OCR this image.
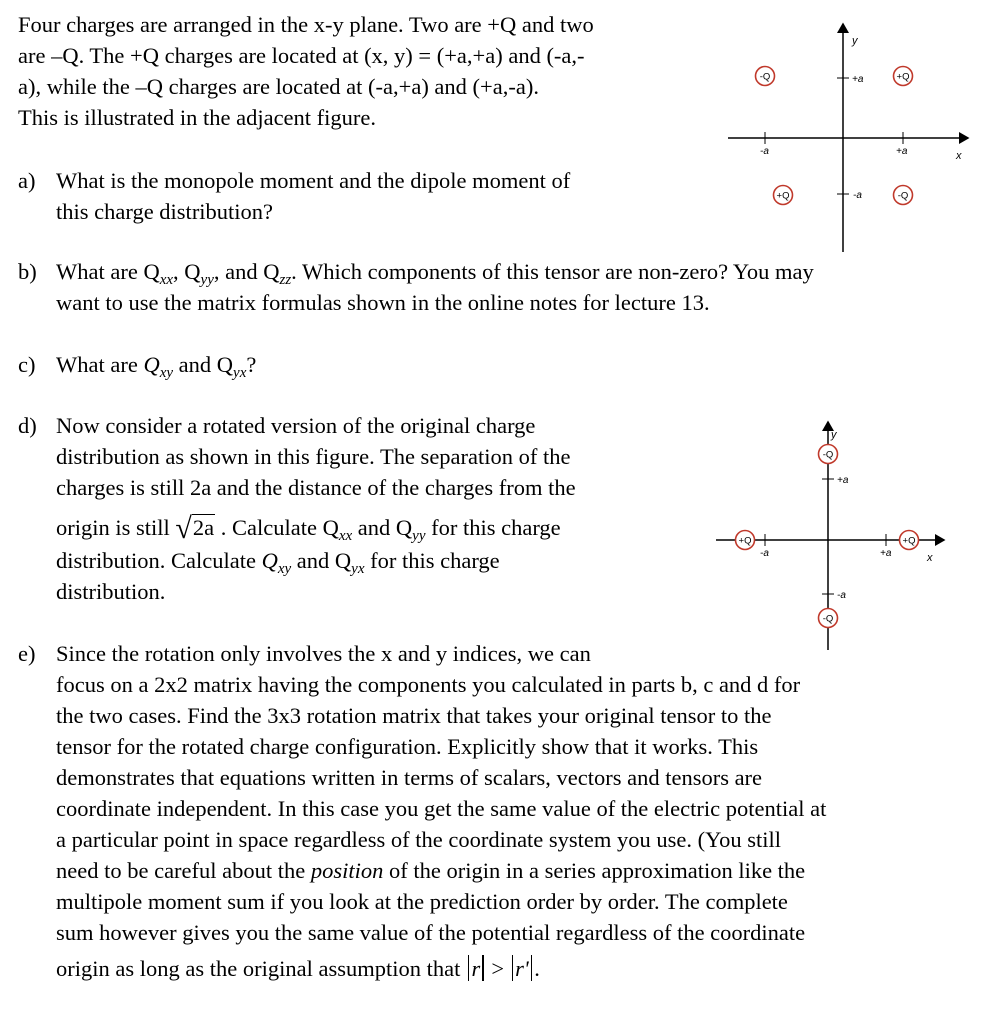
Four charges are arranged in the x-y plane. Two are +Q and two
are –Q. The +Q charges are located at (x, y) = (+a,+a) and (-a,-
a), while the –Q charges are located at (-a,+a) and (+a,-a).
This is illustrated in the adjacent figure.
a) What is the monopole moment and the dipole moment of
this charge distribution?
b) What are $Q_{xx}$, $Q_{yy}$, and $Q_{zz}$. Which components of this tensor are non-zero? You may
want to use the matrix formulas shown in the online notes for lecture 13.
c) What are $Q_{xy}$ and $Q_{yx}$?
d) Now consider a rotated version of the original charge
distribution as shown in this figure. The separation of the
charges is still 2a and the distance of the charges from the
origin is still √2a . Calculate $Q_{xx}$ and $Q_{yy}$ for this charge
distribution. Calculate $Q_{xy}$ and $Q_{yx}$ for this charge
distribution.
e) Since the rotation only involves the x and y indices, we can
focus on a 2x2 matrix having the components you calculated in parts b, c and d for
the two cases. Find the 3x3 rotation matrix that takes your original tensor to the
tensor for the rotated charge configuration. Explicitly show that it works. This
demonstrates that equations written in terms of scalars, vectors and tensors are
coordinate independent. In this case you get the same value of the electric potential at
a particular point in space regardless of the coordinate system you use. (You still
need to be careful about the position of the origin in a series approximation like the
multipole moment sum if you look at the prediction order by order. The complete
sum however gives you the same value of the potential regardless of the coordinate
origin as long as the original assumption that r > r' .
y
x
-a	+a
+a
-a
-Q	+Q
+Q	-Q
y
x
-a	+a
+a
-a
-Q
-Q
+Q	+Q
